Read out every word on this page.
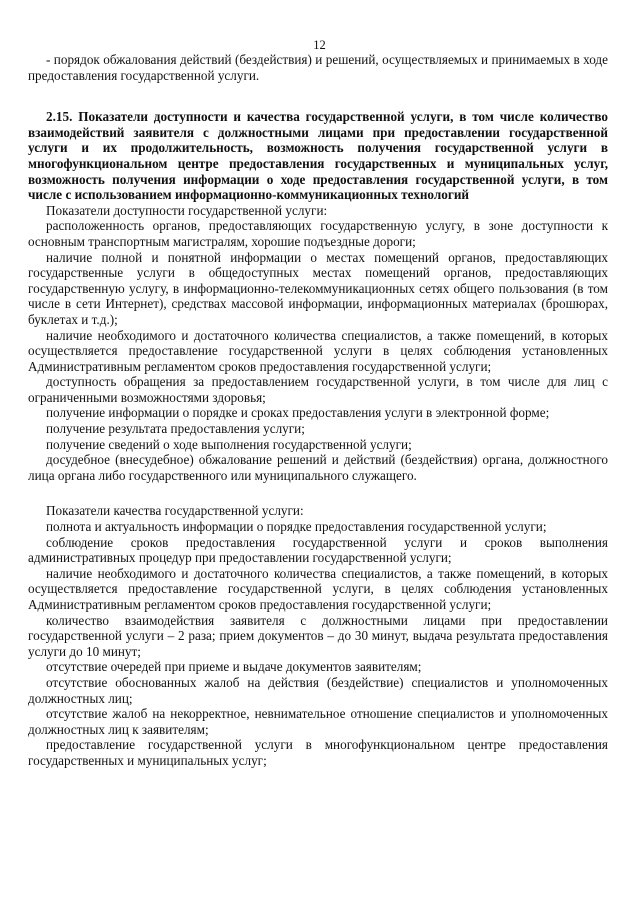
12

- порядок обжалования действий (бездействия) и решений, осуществляемых и принимаемых в ходе предоставления государственной услуги.

2.15. Показатели доступности и качества государственной услуги, в том числе количество взаимодействий заявителя с должностными лицами при предоставлении государственной услуги и их продолжительность, возможность получения государственной услуги в многофункциональном центре предоставления государственных и муниципальных услуг, возможность получения информации о ходе предоставления государственной услуги, в том числе с использованием информационно-коммуникационных технологий

Показатели доступности государственной услуги:

расположенность органов, предоставляющих государственную услугу, в зоне доступности к основным транспортным магистралям, хорошие подъездные дороги;

наличие полной и понятной информации о местах помещений органов, предоставляющих государственные услуги в общедоступных местах помещений органов, предоставляющих государственную услугу, в информационно-телекоммуникационных сетях общего пользования (в том числе в сети Интернет), средствах массовой информации, информационных материалах (брошюрах, буклетах и т.д.);

наличие необходимого и достаточного количества специалистов, а также помещений, в которых осуществляется предоставление государственной услуги в целях соблюдения установленных Административным регламентом сроков предоставления государственной услуги;

доступность обращения за предоставлением государственной услуги, в том числе для лиц с ограниченными возможностями здоровья;

получение информации о порядке и сроках предоставления услуги в электронной форме;

получение результата предоставления услуги;

получение сведений о ходе выполнения государственной услуги;

досудебное (внесудебное) обжалование решений и действий (бездействия) органа, должностного лица органа либо государственного или муниципального служащего.

Показатели качества государственной услуги:

полнота и актуальность информации о порядке предоставления государственной услуги;

соблюдение сроков предоставления государственной услуги и сроков выполнения административных процедур при предоставлении государственной услуги;

наличие необходимого и достаточного количества специалистов, а также помещений, в которых осуществляется предоставление государственной услуги, в целях соблюдения установленных Административным регламентом сроков предоставления государственной услуги;

количество взаимодействия заявителя с должностными лицами при предоставлении государственной услуги – 2 раза; прием документов – до 30 минут, выдача результата предоставления услуги до 10 минут;

отсутствие очередей при приеме и выдаче документов заявителям;

отсутствие обоснованных жалоб на действия (бездействие) специалистов и уполномоченных должностных лиц;

отсутствие жалоб на некорректное, невнимательное отношение специалистов и уполномоченных должностных лиц к заявителям;

предоставление государственной услуги в многофункциональном центре предоставления государственных и муниципальных услуг;
